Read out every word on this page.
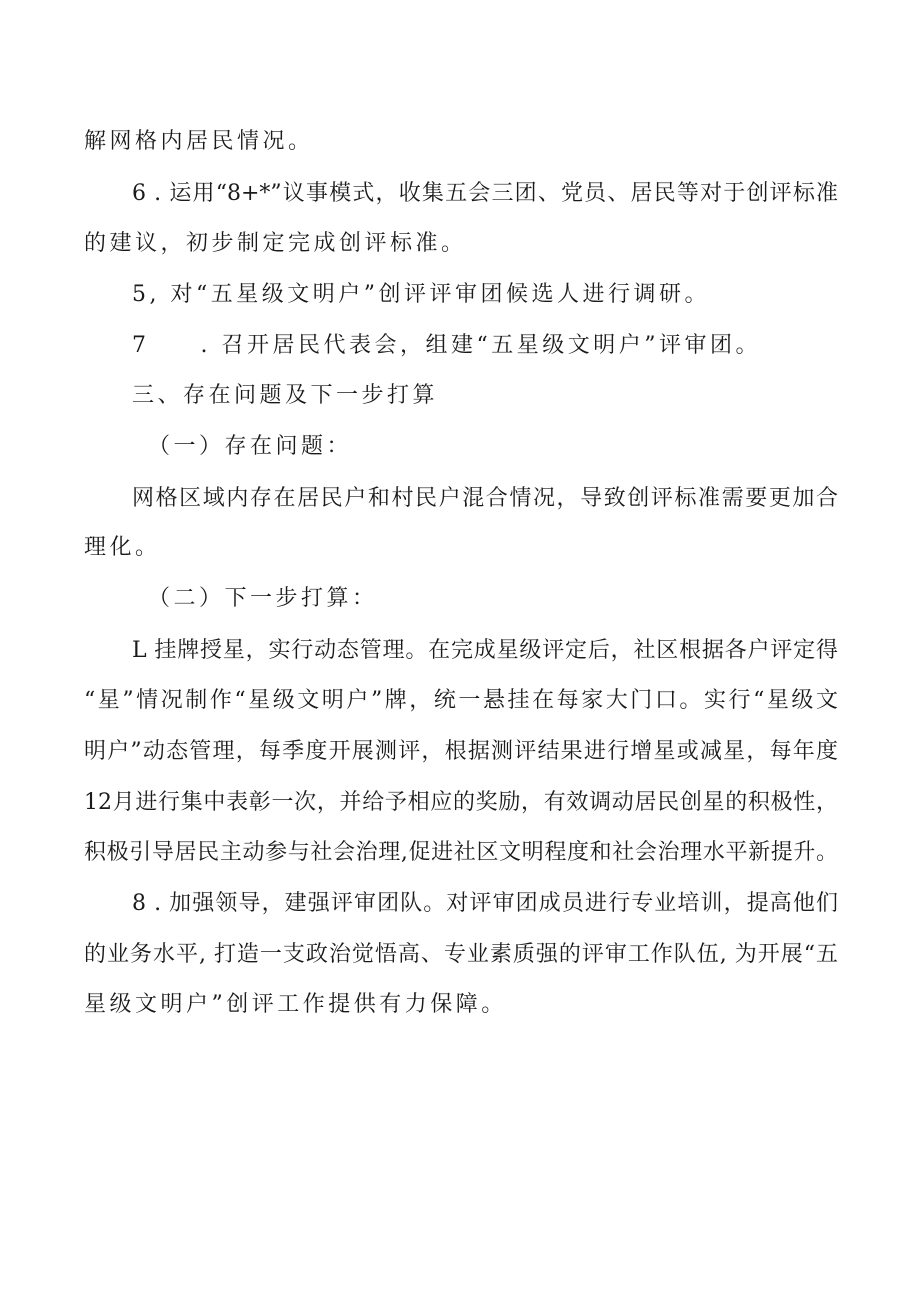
解网格内居民情况。
6 . 运用“8+*”议事模式，收集五会三团、党员、居民等对于创评标准
的建议，初步制定完成创评标准。
5, 对“五星级文明户”创评评审团候选人进行调研。
7　　. 召开居民代表会，组建“五星级文明户”评审团。
三、存在问题及下一步打算
（一）存在问题：
网格区域内存在居民户和村民户混合情况，导致创评标准需要更加合
理化。
（二）下一步打算：
L 挂牌授星，实行动态管理。在完成星级评定后，社区根据各户评定得
“星”情况制作“星级文明户”牌，统一悬挂在每家大门口。实行“星级文
明户”动态管理，每季度开展测评，根据测评结果进行增星或减星，每年度
12月进行集中表彰一次，并给予相应的奖励，有效调动居民创星的积极性，
积极引导居民主动参与社会治理,促进社区文明程度和社会治理水平新提升。
8 . 加强领导，建强评审团队。对评审团成员进行专业培训，提高他们
的业务水平, 打造一支政治觉悟高、专业素质强的评审工作队伍, 为开展“五
星级文明户”创评工作提供有力保障。
